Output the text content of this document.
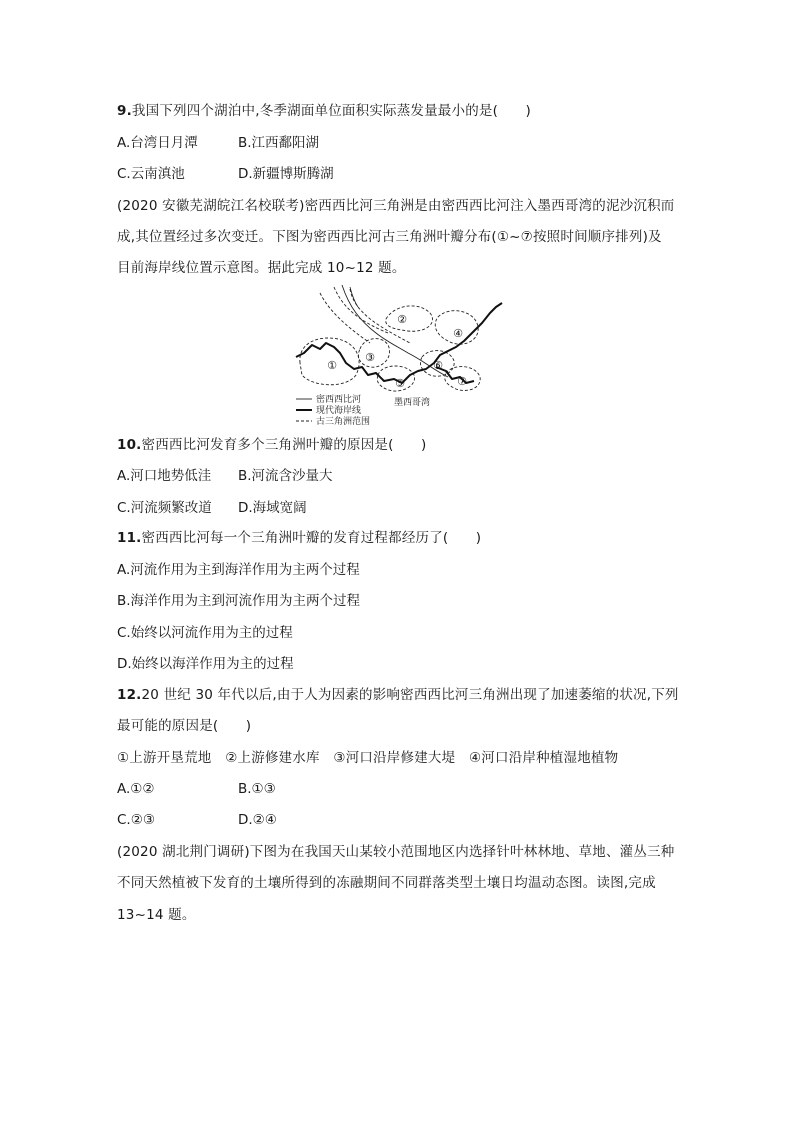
9.我国下列四个湖泊中,冬季湖面单位面积实际蒸发量最小的是(　　)
A.台湾日月潭	B.江西鄱阳湖
C.云南滇池	D.新疆博斯腾湖
(2020 安徽芜湖皖江名校联考)密西西比河三角洲是由密西西比河注入墨西哥湾的泥沙沉积而
成,其位置经过多次变迁。下图为密西西比河古三角洲叶瓣分布(①~⑦按照时间顺序排列)及
目前海岸线位置示意图。据此完成 10~12 题。
①
②
③
④
⑤
⑥
⑦
密西西比河
现代海岸线
古三角洲范围
墨西哥湾
10.密西西比河发育多个三角洲叶瓣的原因是(　　)
A.河口地势低洼 B.河流含沙量大
C.河流频繁改道 D.海域宽阔
11.密西西比河每一个三角洲叶瓣的发育过程都经历了(　　)
A.河流作用为主到海洋作用为主两个过程
B.海洋作用为主到河流作用为主两个过程
C.始终以河流作用为主的过程
D.始终以海洋作用为主的过程
12.20 世纪 30 年代以后,由于人为因素的影响密西西比河三角洲出现了加速萎缩的状况,下列
最可能的原因是(　　)
①上游开垦荒地　②上游修建水库　③河口沿岸修建大堤　④河口沿岸种植湿地植物
A.①②	B.①③
C.②③	D.②④
(2020 湖北荆门调研)下图为在我国天山某较小范围地区内选择针叶林林地、草地、灌丛三种
不同天然植被下发育的土壤所得到的冻融期间不同群落类型土壤日均温动态图。读图,完成
13~14 题。
